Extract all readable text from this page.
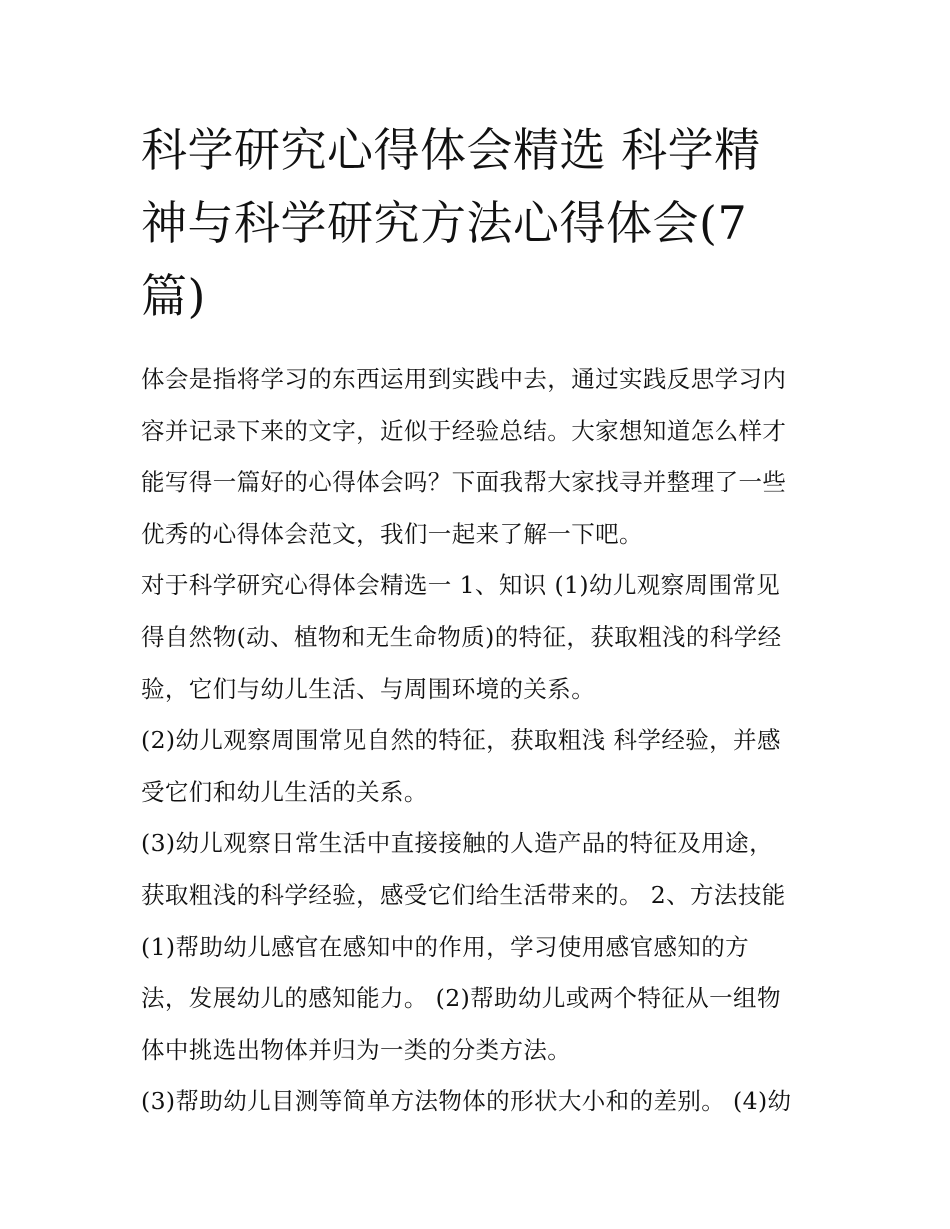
科学研究心得体会精选 科学精
神与科学研究方法心得体会(7
篇)
体会是指将学习的东西运用到实践中去，通过实践反思学习内
容并记录下来的文字，近似于经验总结。大家想知道怎么样才
能写得一篇好的心得体会吗？下面我帮大家找寻并整理了一些
优秀的心得体会范文，我们一起来了解一下吧。
对于科学研究心得体会精选一 1、知识 (1)幼儿观察周围常见
得自然物(动、植物和无生命物质)的特征，获取粗浅的科学经
验，它们与幼儿生活、与周围环境的关系。
(2)幼儿观察周围常见自然的特征，获取粗浅 科学经验，并感
受它们和幼儿生活的关系。
(3)幼儿观察日常生活中直接接触的人造产品的特征及用途，
获取粗浅的科学经验，感受它们给生活带来的。 2、方法技能
(1)帮助幼儿感官在感知中的作用，学习使用感官感知的方
法，发展幼儿的感知能力。 (2)帮助幼儿或两个特征从一组物
体中挑选出物体并归为一类的分类方法。
(3)帮助幼儿目测等简单方法物体的形状大小和的差别。 (4)幼
